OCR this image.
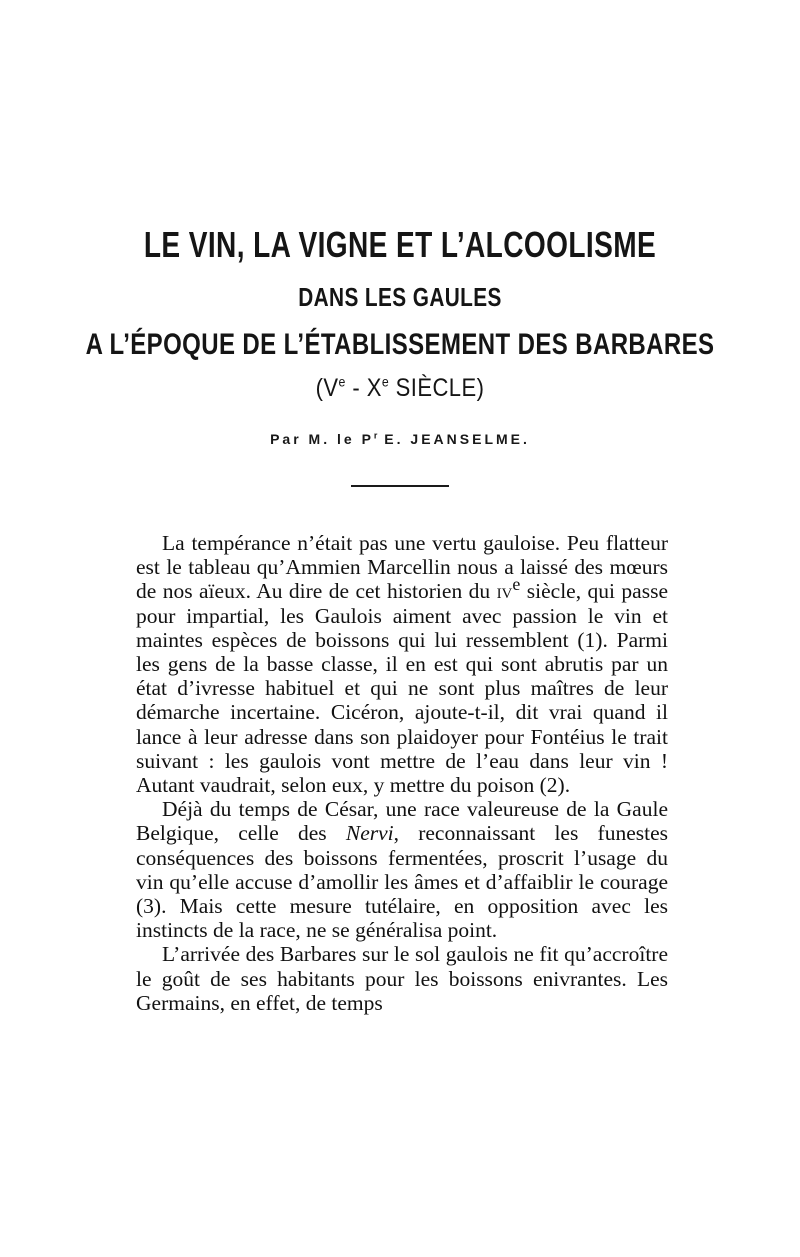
LE VIN, LA VIGNE ET L’ALCOOLISME
DANS LES GAULES
A L’ÉPOQUE DE L’ÉTABLISSEMENT DES BARBARES
(Ve - Xe SIÈCLE)
Par M. le $P^r$ E. JEANSELME.

La tempérance n’était pas une vertu gauloise. Peu flatteur est le tableau qu’Ammien Marcellin nous a laissé des mœurs de nos aïeux. Au dire de cet historien du $iv^e$ siècle, qui passe pour impartial, les Gaulois aiment avec passion le vin et maintes espèces de boissons qui lui ressemblent (1). Parmi les gens de la basse classe, il en est qui sont abrutis par un état d’ivresse habituel et qui ne sont plus maîtres de leur démarche incertaine. Cicéron, ajoute-t-il, dit vrai quand il lance à leur adresse dans son plaidoyer pour Fontéius le trait suivant : les gaulois vont mettre de l’eau dans leur vin ! Autant vaudrait, selon eux, y mettre du poison (2).

Déjà du temps de César, une race valeureuse de la Gaule Belgique, celle des Nervi, reconnaissant les funestes conséquences des boissons fermentées, proscrit l’usage du vin qu’elle accuse d’amollir les âmes et d’affaiblir le courage (3). Mais cette mesure tutélaire, en opposition avec les instincts de la race, ne se généralisa point.

L’arrivée des Barbares sur le sol gaulois ne fit qu’accroître le goût de ses habitants pour les boissons enivrantes. Les Germains, en effet, de temps
